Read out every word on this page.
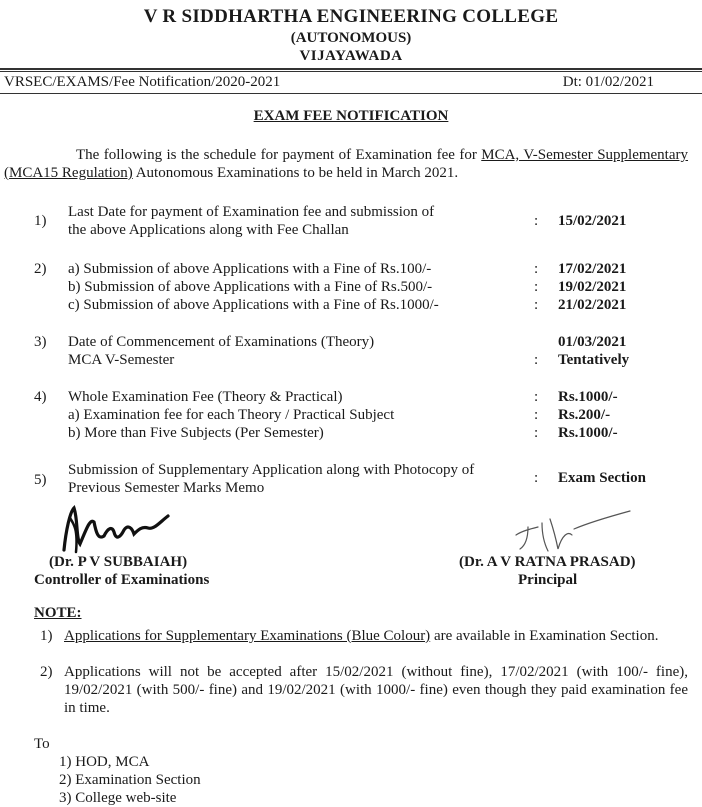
V R SIDDHARTHA ENGINEERING COLLEGE
(AUTONOMOUS)
VIJAYAWADA
VRSEC/EXAMS/Fee Notification/2020-2021	Dt: 01/02/2021
EXAM FEE NOTIFICATION
The following is the schedule for payment of Examination fee for MCA, V-Semester Supplementary (MCA15 Regulation) Autonomous Examinations to be held in March 2021.
1)
Last Date for payment of Examination fee and submission of
the above Applications along with Fee Challan
: 15/02/2021
2) a) Submission of above Applications with a Fine of Rs.100/-
b) Submission of above Applications with a Fine of Rs.500/-
c) Submission of above Applications with a Fine of Rs.1000/-
:
:
:
17/02/2021
19/02/2021
21/02/2021
3) Date of Commencement of Examinations (Theory)
MCA V-Semester	:
01/03/2021
Tentatively
4) Whole Examination Fee (Theory & Practical)
a) Examination fee for each Theory / Practical Subject
b) More than Five Subjects (Per Semester)
:
:
:
Rs.1000/-
Rs.200/-
Rs.1000/-
5)
Submission of Supplementary Application along with Photocopy of
Previous Semester Marks Memo
: Exam Section
(Dr. P V SUBBAIAH)
Controller of Examinations
(Dr. A V RATNA PRASAD)
Principal
NOTE:
1) Applications for Supplementary Examinations (Blue Colour) are available in Examination Section.
2) Applications will not be accepted after 15/02/2021 (without fine), 17/02/2021 (with 100/- fine), 19/02/2021 (with 500/- fine) and 19/02/2021 (with 1000/- fine) even though they paid examination fee in time.
To
1) HOD, MCA
2) Examination Section
3) College web-site
